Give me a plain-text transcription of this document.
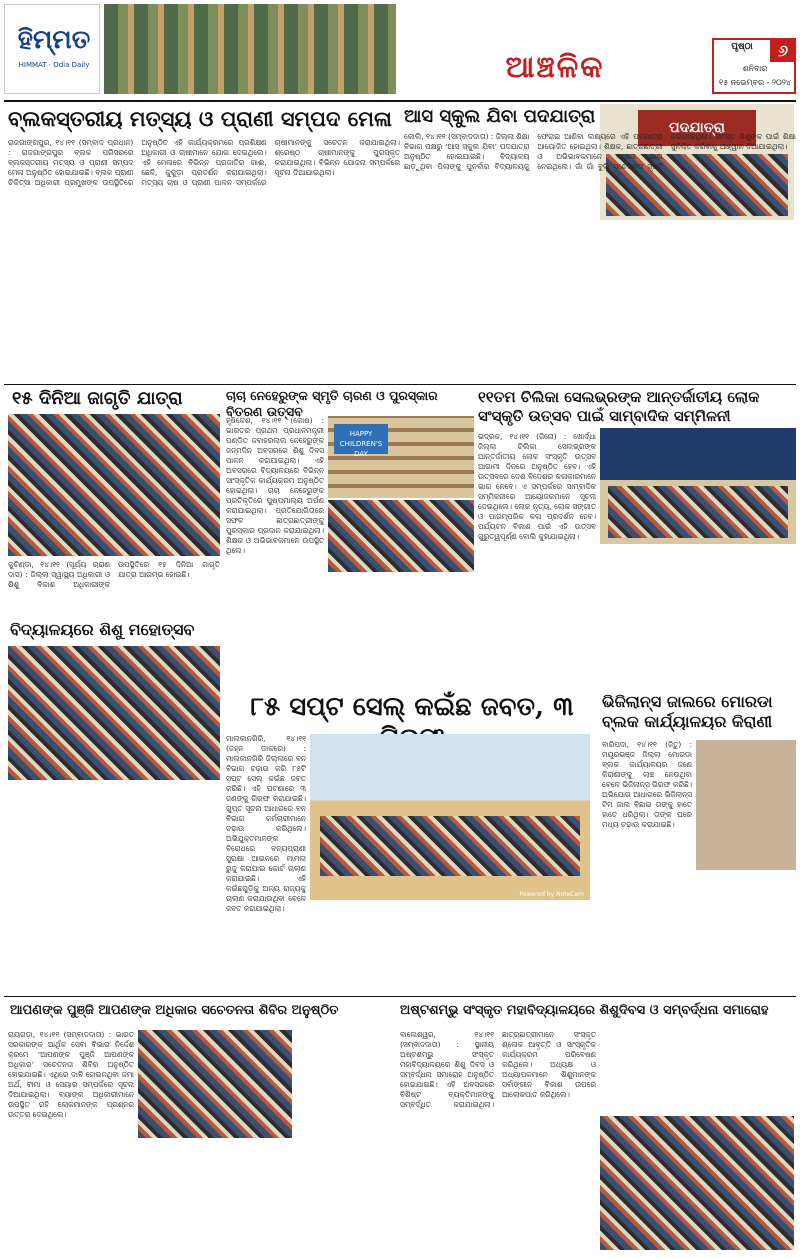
ହିମ୍ମତ
HIMMAT · Odia Daily	ଆଞ୍ଚଳିକ
ପୃଷ୍ଠା	୬
ଶନିବାର
୧୫ ନଭେମ୍ବର - ୨୦୨୪
ବ୍ଲକସ୍ତରୀୟ ମତ୍ସ୍ୟ ଓ ପ୍ରାଣୀ ସମ୍ପଦ ମେଳା
ରାଜଗାଙ୍ଗପୁର, ୧୪।୧୧ (ସମ୍ବାଦ ପ୍ରଧାନ) : ରାଜଗାଙ୍ଗପୁର ବ୍ଲକ ପରିସରରେ ବ୍ଲକସ୍ତରୀୟ ମତ୍ସ୍ୟ ଓ ପ୍ରାଣୀ ସମ୍ପଦ ମେଳା ଅନୁଷ୍ଠିତ ହୋଇଯାଇଛି। ବ୍ଲକ ପ୍ରାଣୀ ଚିକିତ୍ସା ଅଧିକାରୀ ପ୍ରମୁଖଙ୍କ ଉପସ୍ଥିତିରେ ଅନୁଷ୍ଠିତ ଏହି କାର୍ଯ୍ୟକ୍ରମରେ ପ୍ରଶିକ୍ଷଣ ଅଧିକାରୀ ଓ ଚାଷୀମାନେ ଯୋଗ ଦେଇଥିଲେ। ଏହି ମେଳାରେ ବିଭିନ୍ନ ପ୍ରଜାତିର ଗାଈ, ଛେଳି, କୁକୁଡ଼ା ପ୍ରଦର୍ଶନ କରାଯାଇଥିଲା। ମତ୍ସ୍ୟ ଚାଷ ଓ ପ୍ରାଣୀ ପାଳନ ସମ୍ପର୍କରେ ଚାଷୀମାନଙ୍କୁ ସଚେତନ କରାଯାଇଥିଲା। ଶ୍ରେଷ୍ଠ ଚାଷୀମାନଙ୍କୁ ପୁରସ୍କୃତ କରାଯାଇଥିଲା। ବିଭିନ୍ନ ଯୋଜନା ସମ୍ପର୍କରେ ସୂଚନା ଦିଆଯାଇଥିଲା।
ଆସ ସ୍କୁଲ ଯିବା ପଦଯାତ୍ରା
ପଦଯାତ୍ରା
କୋଲି, ୧୪।୧୧ (ସମ୍ବାଦଦାତା) : ଜିଲ୍ଲା ଶିକ୍ଷା ବିଭାଗ ପକ୍ଷରୁ ‘ଆସ ସ୍କୁଲ ଯିବା’ ପଦଯାତ୍ରା ଅନୁଷ୍ଠିତ ହୋଇଯାଇଛି। ବିଦ୍ୟାଳୟ ଛାଡ଼ୁଥିବା ପିଲାଙ୍କୁ ପୁନର୍ବାର ବିଦ୍ୟାଳୟକୁ ଫେରାଇ ଆଣିବା ଲକ୍ଷ୍ୟରେ ଏହି ପଦଯାତ୍ରା ଆୟୋଜିତ ହୋଇଥିଲା। ଶିକ୍ଷକ, ଛାତ୍ରଛାତ୍ରୀ ଓ ଅଭିଭାବକମାନେ ଏଥିରେ ଭାଗ ନେଇଥିଲେ। ଗାଁ ଗାଁ ବୁଲି ସଚେତନତା ସୃଷ୍ଟି କରାଯାଇଥିଲା। ସମସ୍ତ ଶିଶୁଙ୍କ ପାଇଁ ଶିକ୍ଷା ସୁନିଶ୍ଚିତ କରିବାକୁ ଆହ୍ୱାନ ଦିଆଯାଇଥିଲା।
୧୫ ଦିନିଆ ଜାଗୃତି ଯାତ୍ରା
କୁଚିଣ୍ଡା, ୧୪।୧୧ (ସୂର୍ଯ୍ୟ ଚାରାଣ ଦାସ) : ଜିଲ୍ଲା ସ୍ୱାସ୍ଥ୍ୟ ଅଧିକାରୀ ଓ ଶିଶୁ ବିକାଶ ଅଧିକାରୀଙ୍କ ଉପସ୍ଥିତିରେ ୧୫ ଦିନିଆ ଜାଗୃତି ଯାତ୍ରା ଆରମ୍ଭ ହୋଇଛି।
ଚାଚା ନେହେରୁଙ୍କ ସ୍ମୃତି ଚାରଣ ଓ ପୁରସ୍କାର ବିତରଣ ଉତ୍ସବ
HAPPY CHILDREN'S DAY
ହୃଷିକେଶ, ୧୪।୧୧ (କୋଷ) : ଭାରତର ପ୍ରଥମ ପ୍ରଧାନମନ୍ତ୍ରୀ ପଣ୍ଡିତ ଜବାହରଲାଲ ନେହେରୁଙ୍କ ଜନ୍ମଦିନ ଅବସରରେ ଶିଶୁ ଦିବସ ପାଳନ କରାଯାଇଥିଲା। ଏହି ଅବସରରେ ବିଦ୍ୟାଳୟରେ ବିଭିନ୍ନ ସାଂସ୍କୃତିକ କାର୍ଯ୍ୟକ୍ରମ ଅନୁଷ୍ଠିତ ହୋଇଥିଲା। ଚାଚା ନେହେରୁଙ୍କ ପ୍ରତିକୃତିରେ ପୁଷ୍ପମାଲ୍ୟ ଅର୍ପଣ କରାଯାଇଥିଲା। ପ୍ରତିଯୋଗିତାରେ ସଫଳ ଛାତ୍ରଛାତ୍ରୀଙ୍କୁ ପୁରସ୍କାର ପ୍ରଦାନ କରାଯାଇଥିଲା। ଶିକ୍ଷକ ଓ ଅଭିଭାବକମାନେ ଉପସ୍ଥିତ ଥିଲେ।
୧୧ତମ ଚିଲିକା ସେଲଭ୍ରଙ୍କ ଆନ୍ତର୍ଜାତୀୟ ଲୋକ ସଂସ୍କୃତି ଉତ୍ସବ ପାଇଁ ସାମ୍ବାଦିକ ସମ୍ମିଳନୀ
ଭଦ୍ରକ, ୧୪।୧୧ (ଜିନୋ) : ଖୋର୍ଦ୍ଧା ଜିଲ୍ଲା ଚିଲିକା ସେଲଭ୍ରଙ୍କ ଆନ୍ତର୍ଜାତୀୟ ଲୋକ ସଂସ୍କୃତି ଉତ୍ସବ ଆଗାମୀ ଦିନରେ ଅନୁଷ୍ଠିତ ହେବ। ଏହି ଉତ୍ସବରେ ଦେଶ ବିଦେଶର କଳାକାରମାନେ ଭାଗ ନେବେ। ଏ ସମ୍ପର୍କରେ ସାମ୍ବାଦିକ ସମ୍ମିଳନୀରେ ଆୟୋଜକମାନେ ସୂଚନା ଦେଇଥିଲେ। ଲୋକ ନୃତ୍ୟ, ଲୋକ ସଙ୍ଗୀତ ଓ ପାରମ୍ପରିକ କଳା ପ୍ରଦର୍ଶନ ହେବ। ପର୍ଯ୍ୟଟନ ବିକାଶ ପାଇଁ ଏହି ଉତ୍ସବ ଗୁରୁତ୍ୱପୂର୍ଣ୍ଣ ବୋଲି କୁହାଯାଇଥିଲା।
ବିଦ୍ୟାଳୟରେ ଶିଶୁ ମହୋତ୍ସବ
୮୫ ସପ୍ଟ ସେଲ୍ କଇଁଛ ଜବତ, ୩
Powered by NoteCam
ମାଲକାନଗିରି, ୧୪।୧୧ (ଜହ୍ନ ଡାକରେ) : ମାଲକାନଗିରି ଜିଲ୍ଲାରେ ବନ ବିଭାଗ ଚଢ଼ାଉ କରି ୮୫ଟି ସପ୍ଟ ସେଲ୍ କଇଁଛ ଜବତ କରିଛି। ଏହି ଘଟଣାରେ ୩ ଜଣଙ୍କୁ ଗିରଫ କରାଯାଇଛି। ଗୁପ୍ତ ସୂଚନା ଆଧାରରେ ବନ ବିଭାଗ କର୍ମଚାରୀମାନେ ଚଢ଼ାଉ କରିଥିଲେ। ଅଭିଯୁକ୍ତମାନଙ୍କ ବିରୋଧରେ ବନ୍ୟପ୍ରାଣୀ ସୁରକ୍ଷା ଆଇନରେ ମାମଲା ରୁଜୁ କରାଯାଇ କୋର୍ଟ ଚାଲାଣ କରାଯାଇଛି। ଏହି କଇଁଛଗୁଡ଼ିକୁ ଅନ୍ୟ ରାଜ୍ୟକୁ ଚାଲାଣ କରାଯାଉଥିବା ବେଳେ ଜବତ କରାଯାଇଥିଲା।
ଭିଜିଲାନ୍ସ ଜାଲରେ ମୋରଡା ବ୍ଲକ କାର୍ଯ୍ୟାଳୟର କିରାଣୀ
ବାରିପଦା, ୧୪।୧୧ (ଜିତୁ) : ମୟୂରଭଞ୍ଜ ଜିଲ୍ଲା ମୋରଡା ବ୍ଲକ କାର୍ଯ୍ୟାଳୟର ଜଣେ କିରାଣୀଙ୍କୁ ଲାଞ୍ଚ ନେଉଥିବା ବେଳେ ଭିଜିଲାନ୍ସ ଗିରଫ କରିଛି। ଅଭିଯୋଗ ଆଧାରରେ ଭିଜିଲାନ୍ସ ଟିମ ଜାଲ ବିଛାଇ ତାଙ୍କୁ ହାତେ ହାତେ ଧରିଥିଲା। ତାଙ୍କ ଘରେ ମଧ୍ୟ ଚଢ଼ାଉ କରାଯାଇଛି।
ଆପଣଙ୍କ ପୁଞ୍ଜି ଆପଣଙ୍କ ଅଧିକାର ସଚେତନତା ଶିବିର ଅନୁଷ୍ଠିତ
ରାୟଗଡ଼ା, ୧୪।୧୧ (ସମ୍ବାଦଦାତା) : ଭାରତ ସରକାରଙ୍କ ଆର୍ଥିକ ସେବା ବିଭାଗ ନିର୍ଦ୍ଦେଶ କ୍ରମେ ‘ଆପଣଙ୍କ ପୁଞ୍ଜି ଆପଣଙ୍କ ଅଧିକାର’ ସଚେତନତା ଶିବିର ଅନୁଷ୍ଠିତ ହୋଇଯାଇଛି। ଏଥିରେ ଦାବି ହୋଇନଥିବା ଜମା ଅର୍ଥ, ବୀମା ଓ ସେୟାର ସମ୍ପର୍କରେ ସୂଚନା ଦିଆଯାଇଥିଲା। ବ୍ୟାଙ୍କ ଅଧିକାରୀମାନେ ଉପସ୍ଥିତ ରହି ଲୋକମାନଙ୍କ ପ୍ରଶ୍ନର ଉତ୍ତର ଦେଇଥିଲେ।
ଅଷ୍ଟଶମ୍ଭୁ ସଂସ୍କୃତ ମହାବିଦ୍ୟାଳୟରେ ଶିଶୁଦିବସ ଓ ସମ୍ବର୍ଦ୍ଧନା ସମାରୋହ
ବାଲେଶ୍ୱର, ୧୪।୧୧ (ସମ୍ବାଦଦାତା) : ସ୍ଥାନୀୟ ଅଷ୍ଟଶମ୍ଭୁ ସଂସ୍କୃତ ମହାବିଦ୍ୟାଳୟରେ ଶିଶୁ ଦିବସ ଓ ସମ୍ବର୍ଦ୍ଧନା ସମାରୋହ ଅନୁଷ୍ଠିତ ହୋଇଯାଇଛି। ଏହି ଅବସରରେ ବିଶିଷ୍ଟ ବ୍ୟକ୍ତିମାନଙ୍କୁ ସମ୍ବର୍ଦ୍ଧିତ କରାଯାଇଥିଲା। ଛାତ୍ରଛାତ୍ରୀମାନେ ସଂସ୍କୃତ ଶ୍ଳୋକ ଆବୃତ୍ତି ଓ ସାଂସ୍କୃତିକ କାର୍ଯ୍ୟକ୍ରମ ପରିବେଷଣ କରିଥିଲେ। ଅଧ୍ୟକ୍ଷ ଓ ଅଧ୍ୟାପକମାନେ ଶିଶୁମାନଙ୍କ ସର୍ବାଙ୍ଗୀନ ବିକାଶ ଉପରେ ଆଲୋକପାତ କରିଥିଲେ।
